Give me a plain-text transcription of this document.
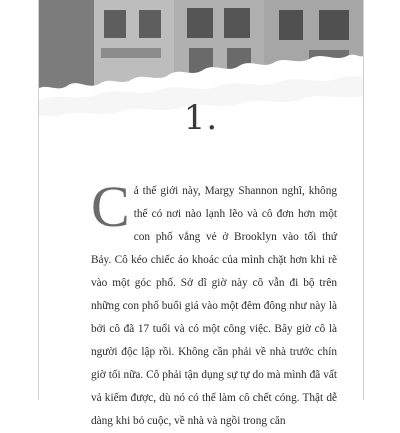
1.

Cả thế giới này, Margy Shannon nghĩ, không thể có nơi nào lạnh lẽo và cô đơn hơn một con phố vắng vẻ ở Brooklyn vào tối thứ Bảy. Cô kéo chiếc áo khoác của mình chặt hơn khi rẽ vào một góc phố. Sở dĩ giờ này cô vẫn đi bộ trên những con phố buổi giá vào một đêm đông như này là bởi cô đã 17 tuổi và có một công việc. Bây giờ cô là người độc lập rồi. Không cần phải về nhà trước chín giờ tối nữa. Cô phải tận dụng sự tự do mà mình đã vất vả kiếm được, dù nó có thể làm cô chết cóng. Thật dễ dàng khi bỏ cuộc, về nhà và ngồi trong căn
